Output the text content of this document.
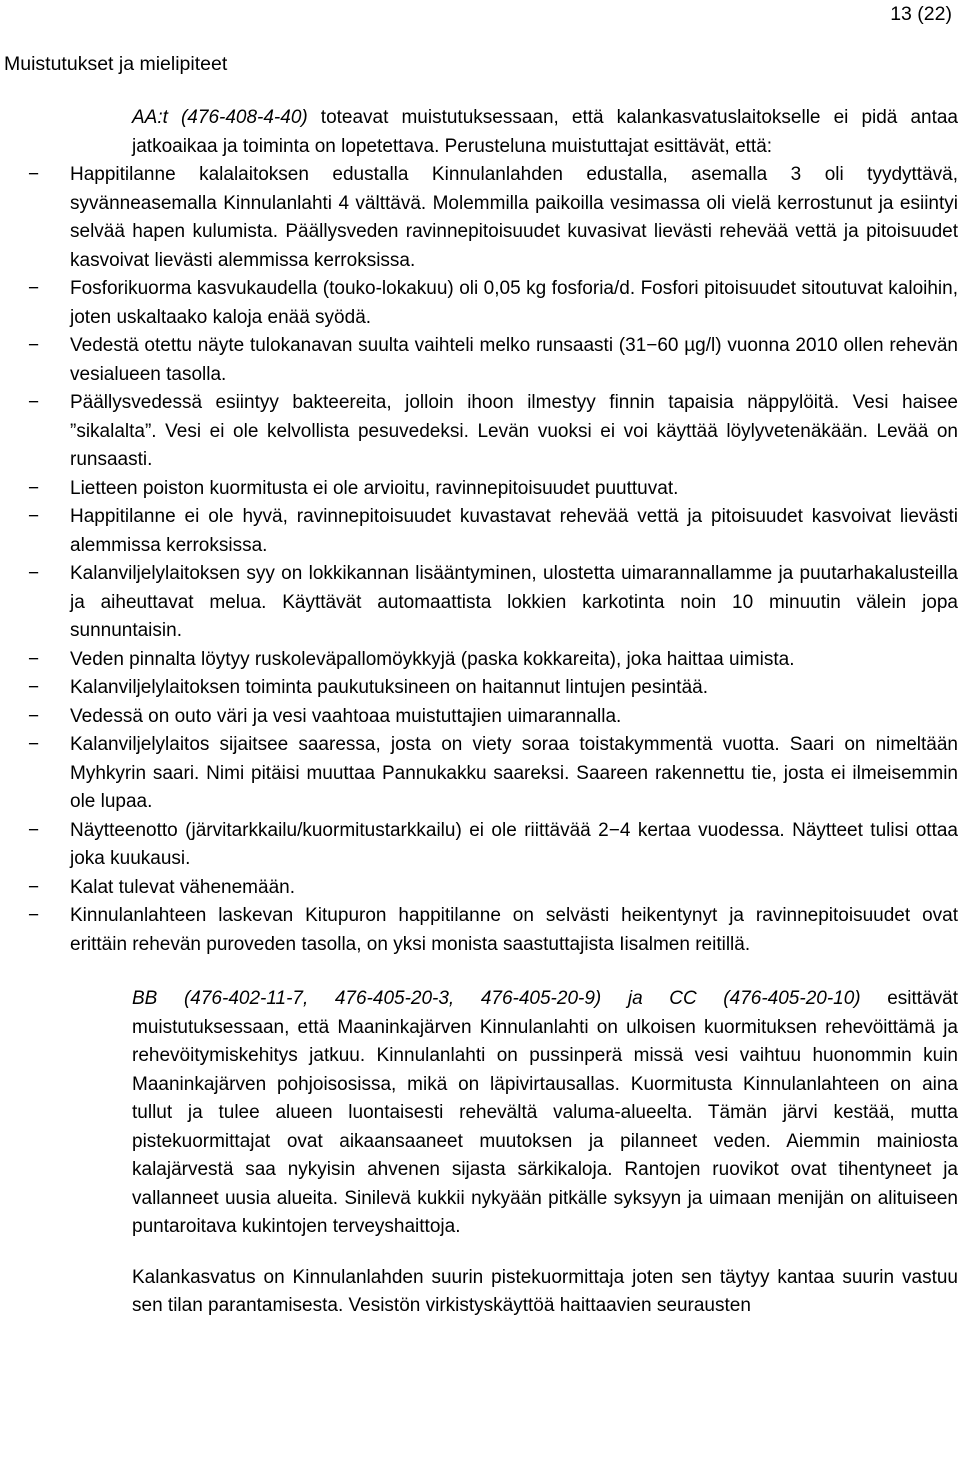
13 (22)
Muistutukset ja mielipiteet

AA:t (476-408-4-40) toteavat muistutuksessaan, että kalankasvatuslaitokselle ei pidä antaa jatkoaikaa ja toiminta on lopetettava. Perusteluna muistuttajat esittävät, että:

− Happitilanne kalalaitoksen edustalla Kinnulanlahden edustalla, asemalla 3 oli tyydyttävä, syvänneasemalla Kinnulanlahti 4 välttävä. Molemmilla paikoilla vesimassa oli vielä kerrostunut ja esiintyi selvää hapen kulumista. Päällysveden ravinnepitoisuudet kuvasivat lievästi rehevää vettä ja pitoisuudet kasvoivat lievästi alemmissa kerroksissa.
− Fosforikuorma kasvukaudella (touko-lokakuu) oli 0,05 kg fosforia/d. Fosfori pitoisuudet sitoutuvat kaloihin, joten uskaltaako kaloja enää syödä.
− Vedestä otettu näyte tulokanavan suulta vaihteli melko runsaasti (31−60 µg/l) vuonna 2010 ollen rehevän vesialueen tasolla.
− Päällysvedessä esiintyy bakteereita, jolloin ihoon ilmestyy finnin tapaisia näppylöitä. Vesi haisee ”sikalalta”. Vesi ei ole kelvollista pesuvedeksi. Levän vuoksi ei voi käyttää löylyvetenäkään. Levää on runsaasti.
− Lietteen poiston kuormitusta ei ole arvioitu, ravinnepitoisuudet puuttuvat.
− Happitilanne ei ole hyvä, ravinnepitoisuudet kuvastavat rehevää vettä ja pitoisuudet kasvoivat lievästi alemmissa kerroksissa.
− Kalanviljelylaitoksen syy on lokkikannan lisääntyminen, ulostetta uimarannallamme ja puutarhakalusteilla ja aiheuttavat melua. Käyttävät automaattista lokkien karkotinta noin 10 minuutin välein jopa sunnuntaisin.
− Veden pinnalta löytyy ruskoleväpallomöykkyjä (paska kokkareita), joka haittaa uimista.
− Kalanviljelylaitoksen toiminta paukutuksineen on haitannut lintujen pesintää.
− Vedessä on outo väri ja vesi vaahtoaa muistuttajien uimarannalla.
− Kalanviljelylaitos sijaitsee saaressa, josta on viety soraa toistakymmentä vuotta. Saari on nimeltään Myhkyrin saari. Nimi pitäisi muuttaa Pannukakku saareksi. Saareen rakennettu tie, josta ei ilmeisemmin ole lupaa.
− Näytteenotto (järvitarkkailu/kuormitustarkkailu) ei ole riittävää 2−4 kertaa vuodessa. Näytteet tulisi ottaa joka kuukausi.
− Kalat tulevat vähenemään.
− Kinnulanlahteen laskevan Kitupuron happitilanne on selvästi heikentynyt ja ravinnepitoisuudet ovat erittäin rehevän puroveden tasolla, on yksi monista saastuttajista Iisalmen reitillä.

BB (476-402-11-7, 476-405-20-3, 476-405-20-9) ja CC (476-405-20-10) esittävät muistutuksessaan, että Maaninkajärven Kinnulanlahti on ulkoisen kuormituksen rehevöittämä ja rehevöitymiskehitys jatkuu. Kinnulanlahti on pussinperä missä vesi vaihtuu huonommin kuin Maaninkajärven pohjoisosissa, mikä on läpivirtausallas. Kuormitusta Kinnulanlahteen on aina tullut ja tulee alueen luontaisesti rehevältä valuma-alueelta. Tämän järvi kestää, mutta pistekuormittajat ovat aikaansaaneet muutoksen ja pilanneet veden. Aiemmin mainiosta kalajärvestä saa nykyisin ahvenen sijasta särkikaloja. Rantojen ruovikot ovat tihentyneet ja vallanneet uusia alueita. Sinilevä kukkii nykyään pitkälle syksyyn ja uimaan menijän on alituiseen puntaroitava kukintojen terveyshaittoja.

Kalankasvatus on Kinnulanlahden suurin pistekuormittaja joten sen täytyy kantaa suurin vastuu sen tilan parantamisesta. Vesistön virkistyskäyttöä haittaavien seurausten
